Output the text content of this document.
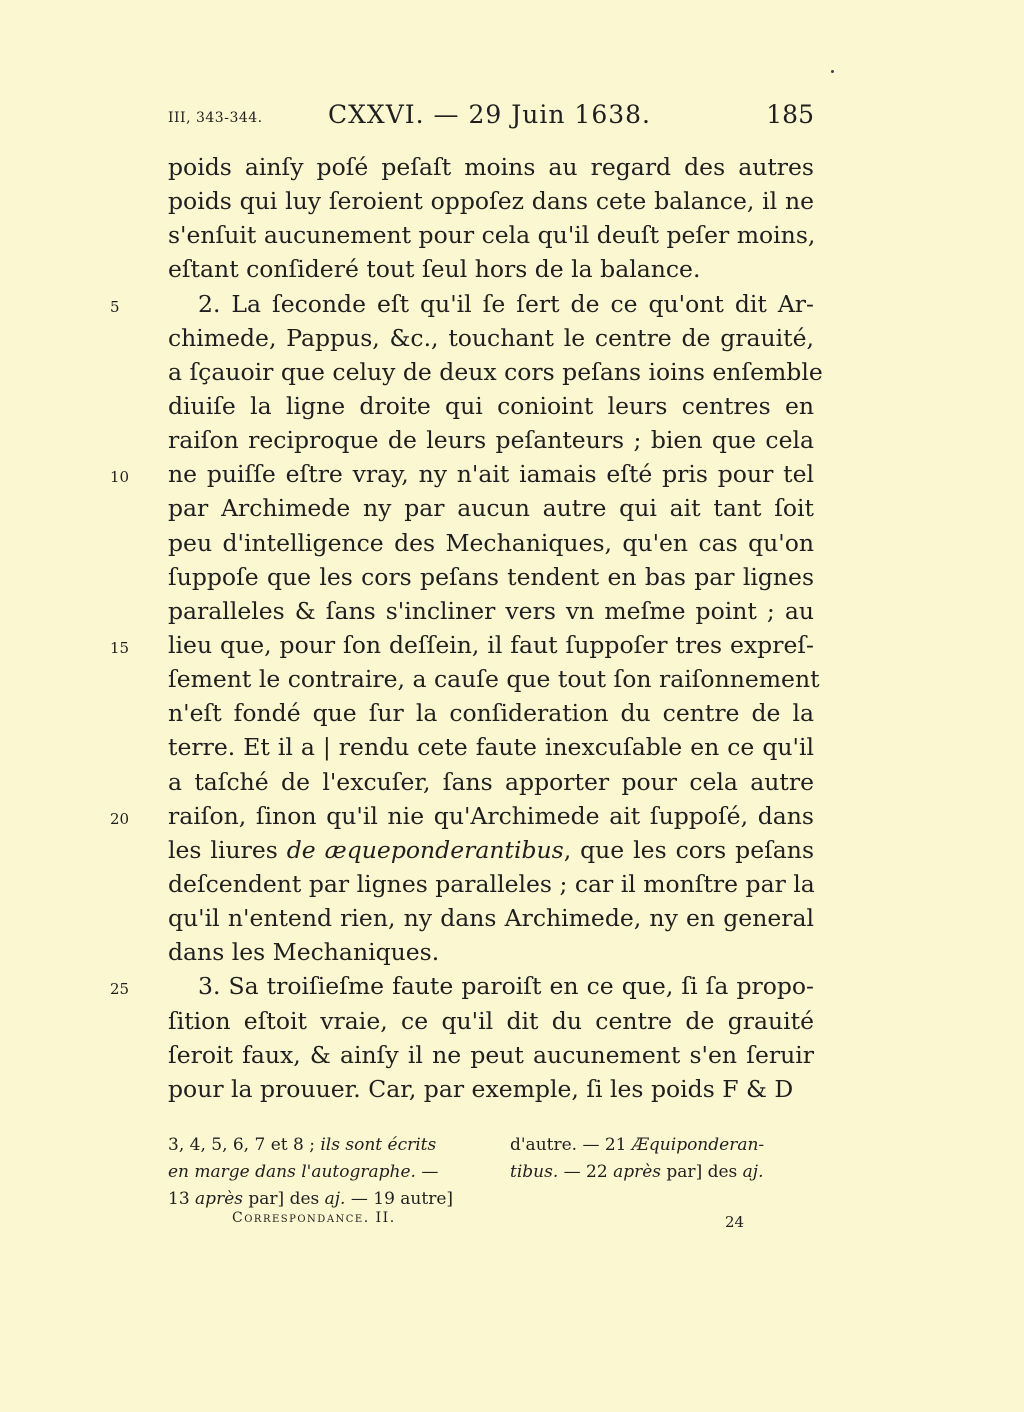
III, 343-344.	CXXVI. — 29 Juin 1638.	185
poids ainſy poſé peſaſt moins au regard des autres
poids qui luy ſeroient oppoſez dans cete balance, il ne
s'enſuit aucunement pour cela qu'il deuſt peſer moins,
eſtant conſideré tout ſeul hors de la balance.
5	2. La ſeconde eſt qu'il ſe ſert de ce qu'ont dit Ar-
chimede, Pappus, &c., touchant le centre de grauité,
a ſçauoir que celuy de deux cors peſans ioins enſemble
diuiſe la ligne droite qui conioint leurs centres en
raiſon reciproque de leurs peſanteurs ; bien que cela
10	ne puiſſe eſtre vray, ny n'ait iamais eſté pris pour tel
par Archimede ny par aucun autre qui ait tant ſoit
peu d'intelligence des Mechaniques, qu'en cas qu'on
ſuppoſe que les cors peſans tendent en bas par lignes
paralleles & ſans s'incliner vers vn meſme point ; au
15	lieu que, pour ſon deſſein, il faut ſuppoſer tres expreſ-
ſement le contraire, a cauſe que tout ſon raiſonnement
n'eſt fondé que ſur la conſideration du centre de la
terre. Et il a | rendu cete faute inexcuſable en ce qu'il
a taſché de l'excuſer, ſans apporter pour cela autre
20	raiſon, ſinon qu'il nie qu'Archimede ait ſuppoſé, dans
les liures de æqueponderantibus, que les cors peſans
deſcendent par lignes paralleles ; car il monſtre par la
qu'il n'entend rien, ny dans Archimede, ny en general
dans les Mechaniques.
25	3. Sa troiſieſme faute paroiſt en ce que, ſi ſa propo-
ſition eſtoit vraie, ce qu'il dit du centre de grauité
ſeroit faux, & ainſy il ne peut aucunement s'en ſeruir
pour la prouuer. Car, par exemple, ſi les poids F & D
3, 4, 5, 6, 7 et 8 ; ils sont écrits
en marge dans l'autographe. —
13 après par] des aj. — 19 autre]
d'autre. — 21 Æquiponderan-
tibus. — 22 après par] des aj.
Correspondance. II.	24
